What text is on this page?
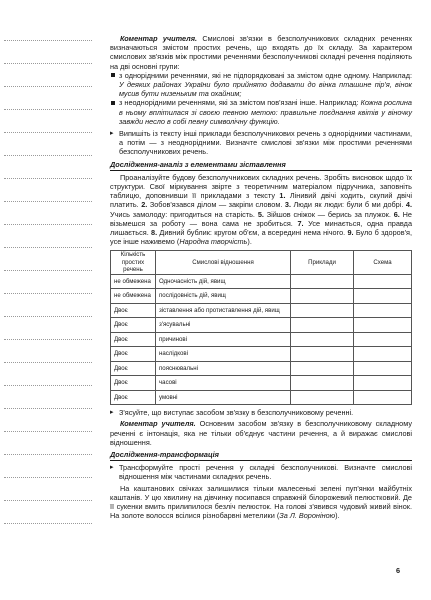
Коментар учителя. Смислові зв'язки в безсполучникових складних реченнях визначаються змістом простих речень, що входять до їх складу. За характером смислових зв'язків між простими реченнями безсполучникові складні речення поділяють на дві основні групи:

з однорідними реченнями, які не підпорядковані за змістом одне одному. Наприклад: У деяких районах України було прийнято додавати до вінка пташине пір'я, вінок мусив бути низеньким та охайним;
з неоднорідними реченнями, які за змістом пов'язані інше. Наприклад: Кожна рослина в ньому вплітилася зі своєю певною метою: правильне поєднання квітів у віночку завжди несло в собі певну символічну функцію.

▸ Випишіть із тексту інші приклади безсполучникових речень з однорідними частинами, а потім — з неоднорідними. Визначте смислові зв'язки між простими реченнями безсполучникових речень.

Дослідження-аналіз з елементами зіставлення

Проаналізуйте будову безсполучникових складних речень. Зробіть висновок щодо їх структури. Свої міркування звірте з теоретичним матеріалом підручника, заповніть таблицю, доповнивши її прикладами з тексту 1. Лінивий двічі ходить, скупий двічі платить. 2. Зобов'язався ділом — закріпи словом. 3. Люди як люди: були б ми добрі. 4. Учись замолоду: пригодиться на старість. 5. Зійшов сніжок — берись за плужок. 6. Не візьмешся за роботу — вона сама не зробиться. 7. Усе минається, одна правда лишається. 8. Дивний бублик: кругом об'єм, а всередині нема нічого. 9. Було б здоров'я, усе інше наживемо (Народна творчість).

Кількість простих речень	Смислові відношення	Приклади	Схема
не обмежена	Одночасність дій, явищ		
не обмежена	послідовність дій, явищ		
Двоє	зіставлення або протиставлення дій, явищ		
Двоє	з'ясувальні		
Двоє	причинові		
Двоє	наслідкові		
Двоє	пояснювальні		
Двоє	часові		
Двоє	умовні		

▸ З'ясуйте, що виступає засобом зв'язку в безсполучниковому реченні.

Коментар учителя. Основним засобом зв'язку в безсполучниковому складному реченні є інтонація, яка не тільки об'єднує частини речення, а й виражає смислові відношення.

Дослідження-трансформація

▸ Трансформуйте прості речення у складні безсполучникові. Визначте смислові відношення між частинами складних речень.

На каштанових свічках залишилися тільки малесенькі зелені пуп'янки майбутніх каштанів. У цю хвилину на дівчинку посипався справжній білорожевий пелюстковий. Де її сукенки вмить прилипилося безліч пелюсток. На голові з'явився чудовий живий вінок. На золоте волосся всілися різнобарвні метелики (За Л. Вороніною).

6
